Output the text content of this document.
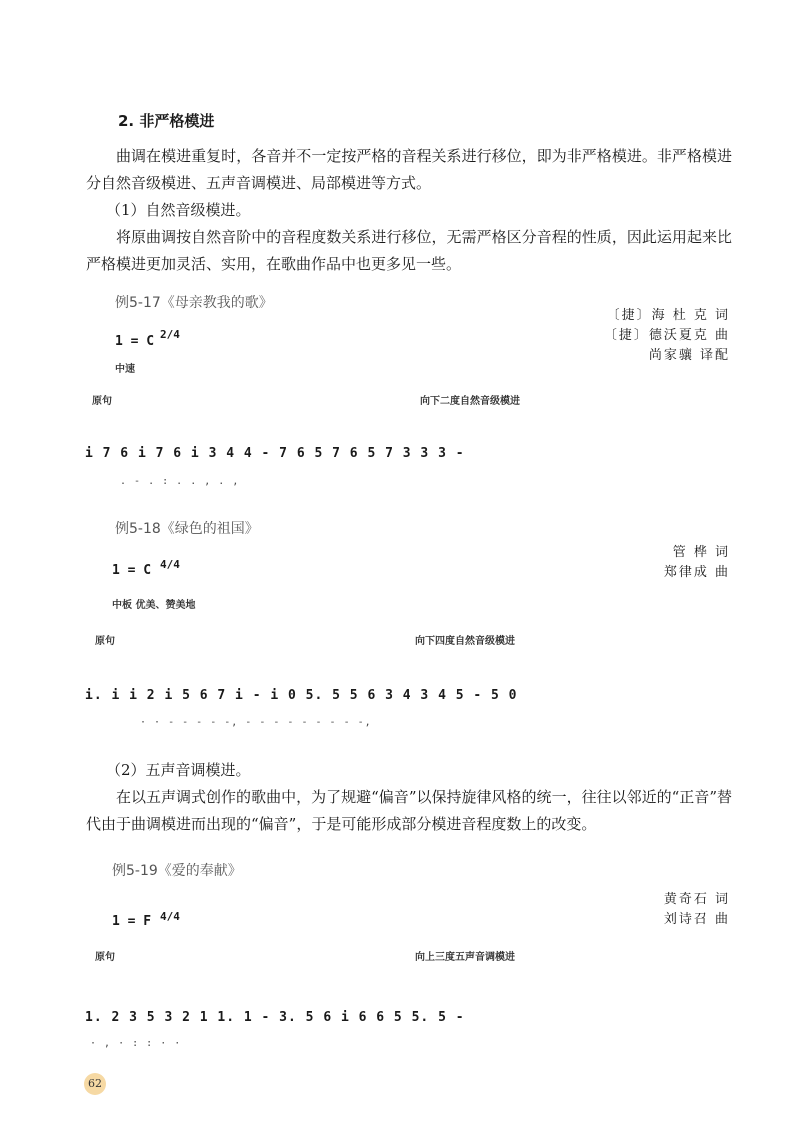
2. 非严格模进
曲调在模进重复时，各音并不一定按严格的音程关系进行移位，即为非严格模进。非严格模进分自然音级模进、五声音调模进、局部模进等方式。
（1）自然音级模进。
将原曲调按自然音阶中的音程度数关系进行移位，无需严格区分音程的性质，因此运用起来比严格模进更加灵活、实用，在歌曲作品中也更多见一些。
例5-17《母亲教我的歌》
〔捷〕海 杜 克 词
〔捷〕德沃夏克 曲
尚家骧 译配
1 = C 2/4
中速
原句	向下二度自然音级模进
i 7 6 i 7 6 i 3 4 4 - 7 6 5 7 6 5 7 3 3 3 -
. - . : . . , . ,
例5-18《绿色的祖国》
管 桦 词
郑律成 曲
1 = C 4/4
中板 优美、赞美地
原句	向下四度自然音级模进
i. i i 2 i 5 6 7 i - i 0 5. 5 5 6 3 4 3 4 5 - 5 0
· · - - - - -, - - - - - - - - -,
（2）五声音调模进。
在以五声调式创作的歌曲中，为了规避“偏音”以保持旋律风格的统一，往往以邻近的“正音”替代由于曲调模进而出现的“偏音”，于是可能形成部分模进音程度数上的改变。
例5-19《爱的奉献》
黄奇石 词
刘诗召 曲
1 = F 4/4
原句	向上三度五声音调模进
1. 2 3 5 3 2 1 1. 1 - 3. 5 6 i 6 6 5 5. 5 -
· , · : : · ·
62
